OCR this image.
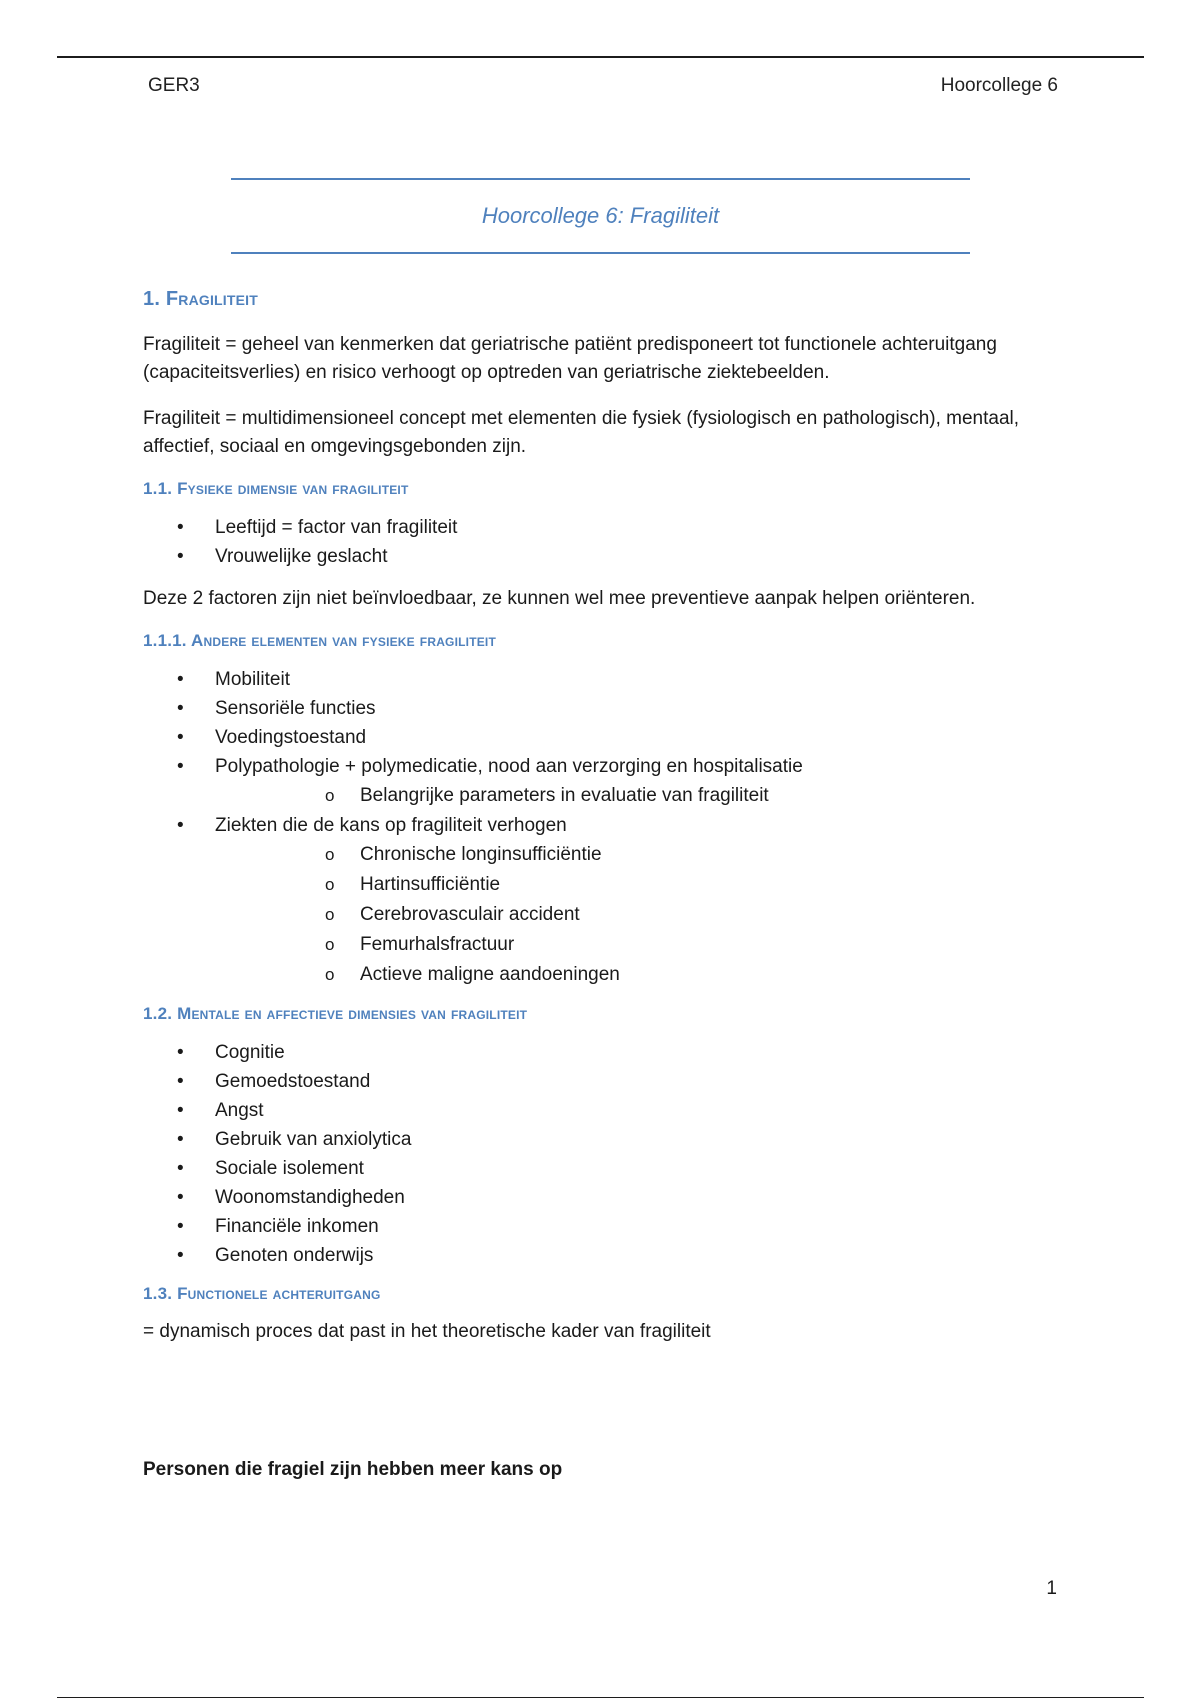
GER3	Hoorcollege 6
Hoorcollege 6: Fragiliteit
1. Fragiliteit

Fragiliteit = geheel van kenmerken dat geriatrische patiënt predisponeert tot functionele achteruitgang (capaciteitsverlies) en risico verhoogt op optreden van geriatrische ziektebeelden.

Fragiliteit = multidimensioneel concept met elementen die fysiek (fysiologisch en pathologisch), mentaal, affectief, sociaal en omgevingsgebonden zijn.

1.1. Fysieke dimensie van fragiliteit
• Leeftijd = factor van fragiliteit
• Vrouwelijke geslacht

Deze 2 factoren zijn niet beïnvloedbaar, ze kunnen wel mee preventieve aanpak helpen oriënteren.

1.1.1. Andere elementen van fysieke fragiliteit
• Mobiliteit
• Sensoriële functies
• Voedingstoestand
• Polypathologie + polymedicatie, nood aan verzorging en hospitalisatie
o Belangrijke parameters in evaluatie van fragiliteit
• Ziekten die de kans op fragiliteit verhogen
o Chronische longinsufficiëntie
o Hartinsufficiëntie
o Cerebrovasculair accident
o Femurhalsfractuur
o Actieve maligne aandoeningen
1.2. Mentale en affectieve dimensies van fragiliteit
• Cognitie
• Gemoedstoestand
• Angst
• Gebruik van anxiolytica
• Sociale isolement
• Woonomstandigheden
• Financiële inkomen
• Genoten onderwijs
1.3. Functionele achteruitgang

= dynamisch proces dat past in het theoretische kader van fragiliteit

Personen die fragiel zijn hebben meer kans op

1
